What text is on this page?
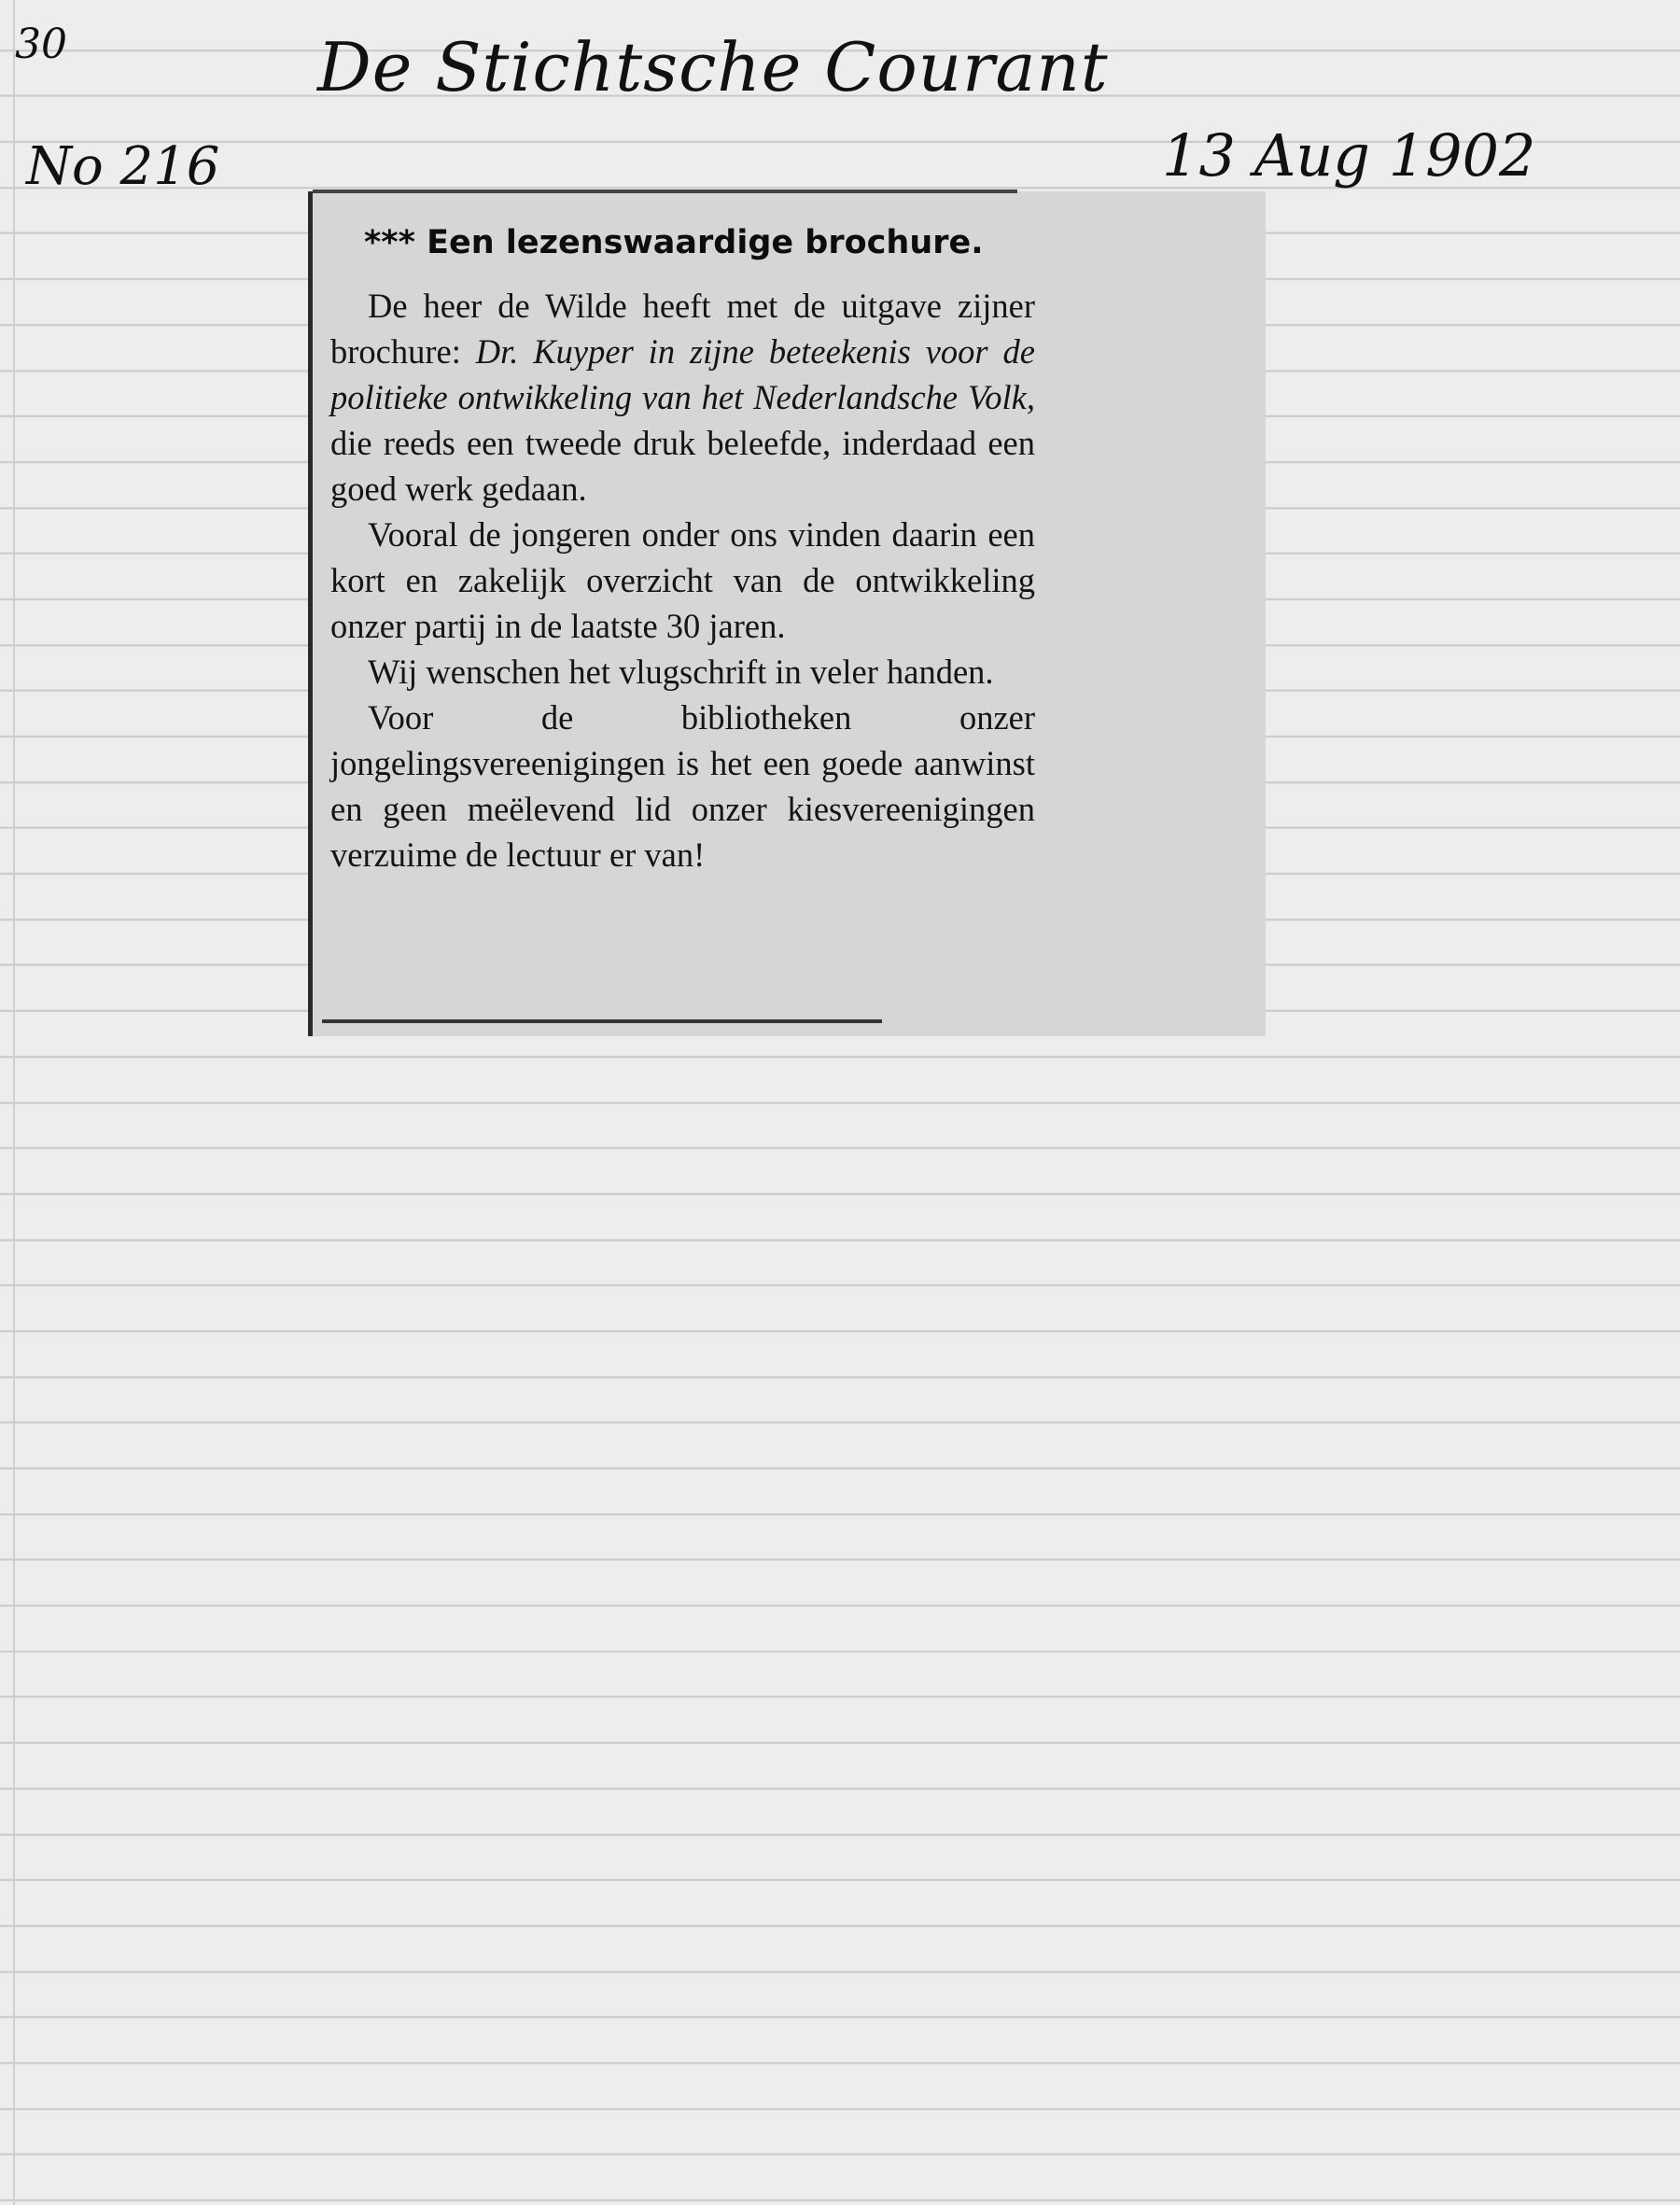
30	De Stichtsche Courant
No 216	13 Aug 1902
*** Een lezenswaardige brochure.

De heer de Wilde heeft met de uitgave zijner brochure: Dr. Kuyper in zijne beteekenis voor de politieke ontwikkeling van het Nederlandsche Volk, die reeds een tweede druk beleefde, inderdaad een goed werk gedaan.

Vooral de jongeren onder ons vinden daarin een kort en zakelijk overzicht van de ontwikkeling onzer partij in de laatste 30 jaren.

Wij wenschen het vlugschrift in veler handen.

Voor de bibliotheken onzer jongelingsvereenigingen is het een goede aanwinst en geen meëlevend lid onzer kiesvereenigingen verzuime de lectuur er van!
